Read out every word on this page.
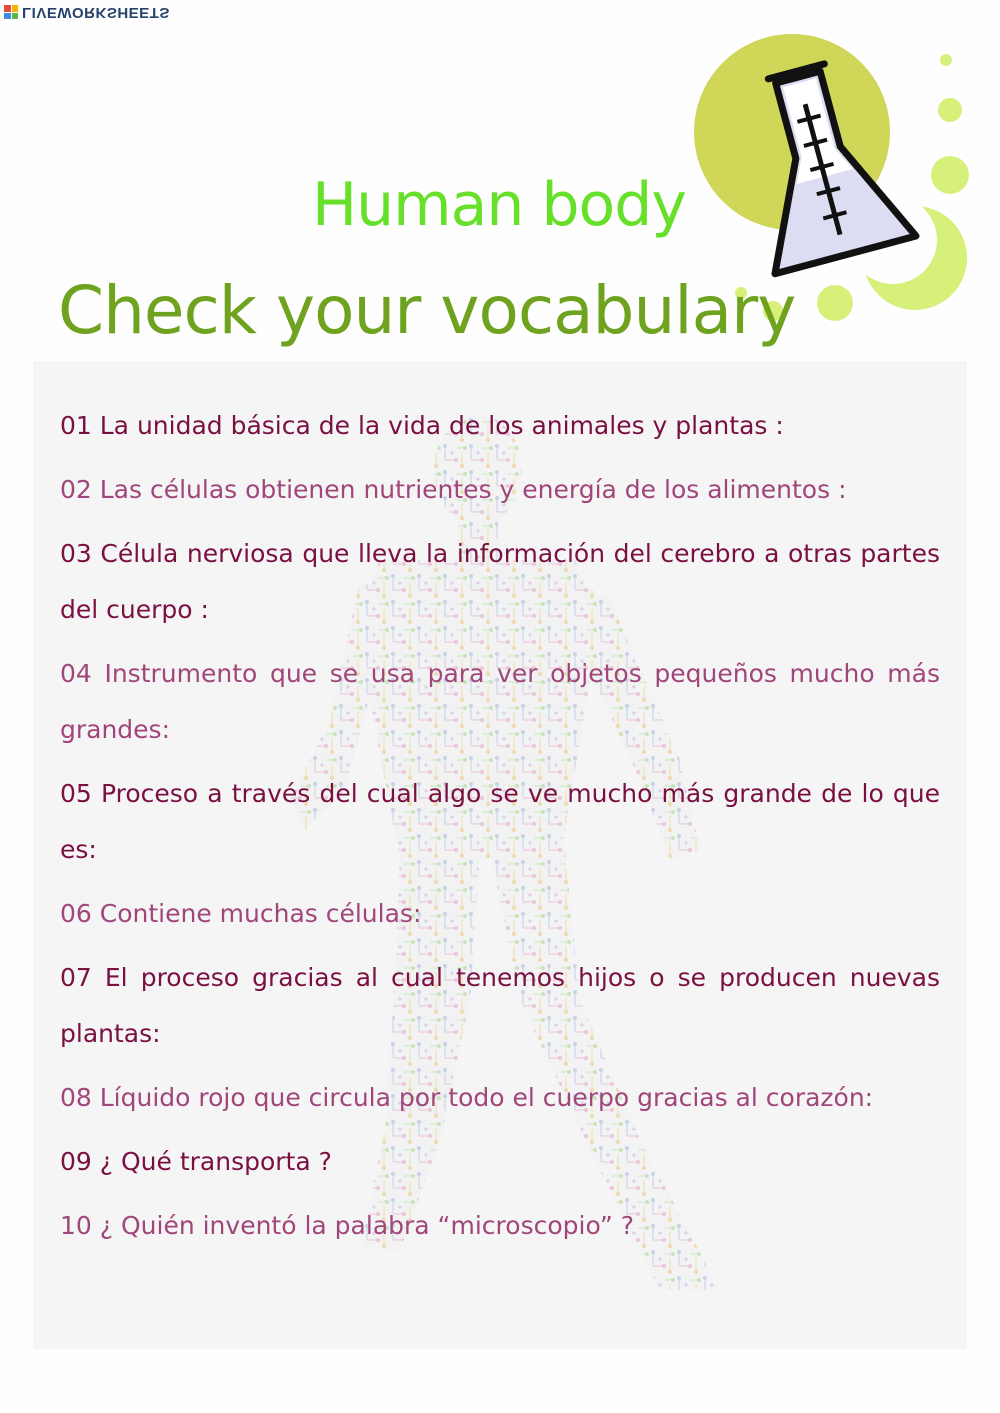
LIVEWORKSHEETS
Human body
Check your vocabulary
01 La unidad básica de la vida de los animales y plantas :
02 Las células obtienen nutrientes y energía de los alimentos :
03 Célula nerviosa que lleva la información del cerebro a otras partes del cuerpo :
04 Instrumento que se usa para ver objetos pequeños mucho más grandes:
05 Proceso a través del cual algo se ve mucho más grande de lo que es:
06 Contiene muchas células:
07 El proceso gracias al cual tenemos hijos o se producen nuevas plantas:
08 Líquido rojo que circula por todo el cuerpo gracias al corazón:
09 ¿ Qué transporta ?
10 ¿ Quién inventó la palabra “microscopio” ?
